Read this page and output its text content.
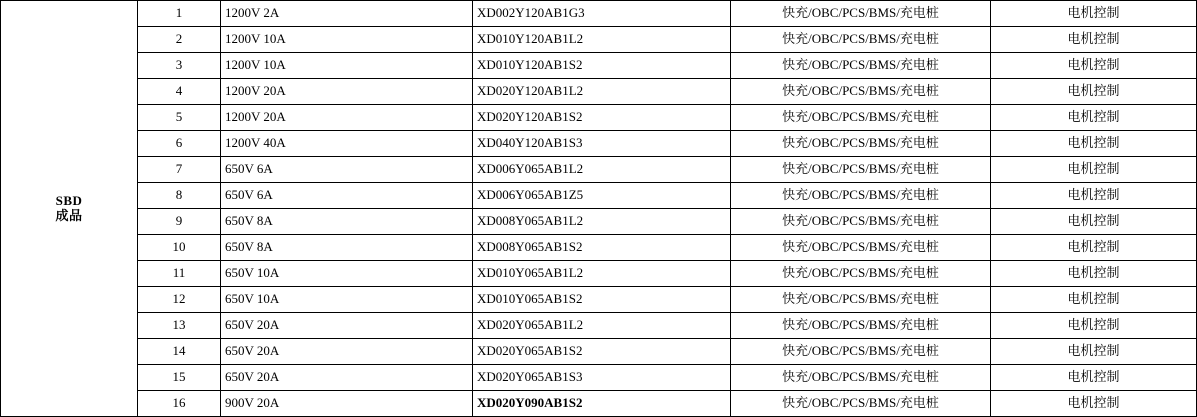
SBD
成品	1	1200V 2A	XD002Y120AB1G3	快充/OBC/PCS/BMS/充电桩	电机控制
	2	1200V 10A	XD010Y120AB1L2	快充/OBC/PCS/BMS/充电桩	电机控制
	3	1200V 10A	XD010Y120AB1S2	快充/OBC/PCS/BMS/充电桩	电机控制
	4	1200V 20A	XD020Y120AB1L2	快充/OBC/PCS/BMS/充电桩	电机控制
	5	1200V 20A	XD020Y120AB1S2	快充/OBC/PCS/BMS/充电桩	电机控制
	6	1200V 40A	XD040Y120AB1S3	快充/OBC/PCS/BMS/充电桩	电机控制
	7	650V 6A	XD006Y065AB1L2	快充/OBC/PCS/BMS/充电桩	电机控制
	8	650V 6A	XD006Y065AB1Z5	快充/OBC/PCS/BMS/充电桩	电机控制
	9	650V 8A	XD008Y065AB1L2	快充/OBC/PCS/BMS/充电桩	电机控制
	10	650V 8A	XD008Y065AB1S2	快充/OBC/PCS/BMS/充电桩	电机控制
	11	650V 10A	XD010Y065AB1L2	快充/OBC/PCS/BMS/充电桩	电机控制
	12	650V 10A	XD010Y065AB1S2	快充/OBC/PCS/BMS/充电桩	电机控制
	13	650V 20A	XD020Y065AB1L2	快充/OBC/PCS/BMS/充电桩	电机控制
	14	650V 20A	XD020Y065AB1S2	快充/OBC/PCS/BMS/充电桩	电机控制
	15	650V 20A	XD020Y065AB1S3	快充/OBC/PCS/BMS/充电桩	电机控制
	16	900V 20A	XD020Y090AB1S2	快充/OBC/PCS/BMS/充电桩	电机控制
